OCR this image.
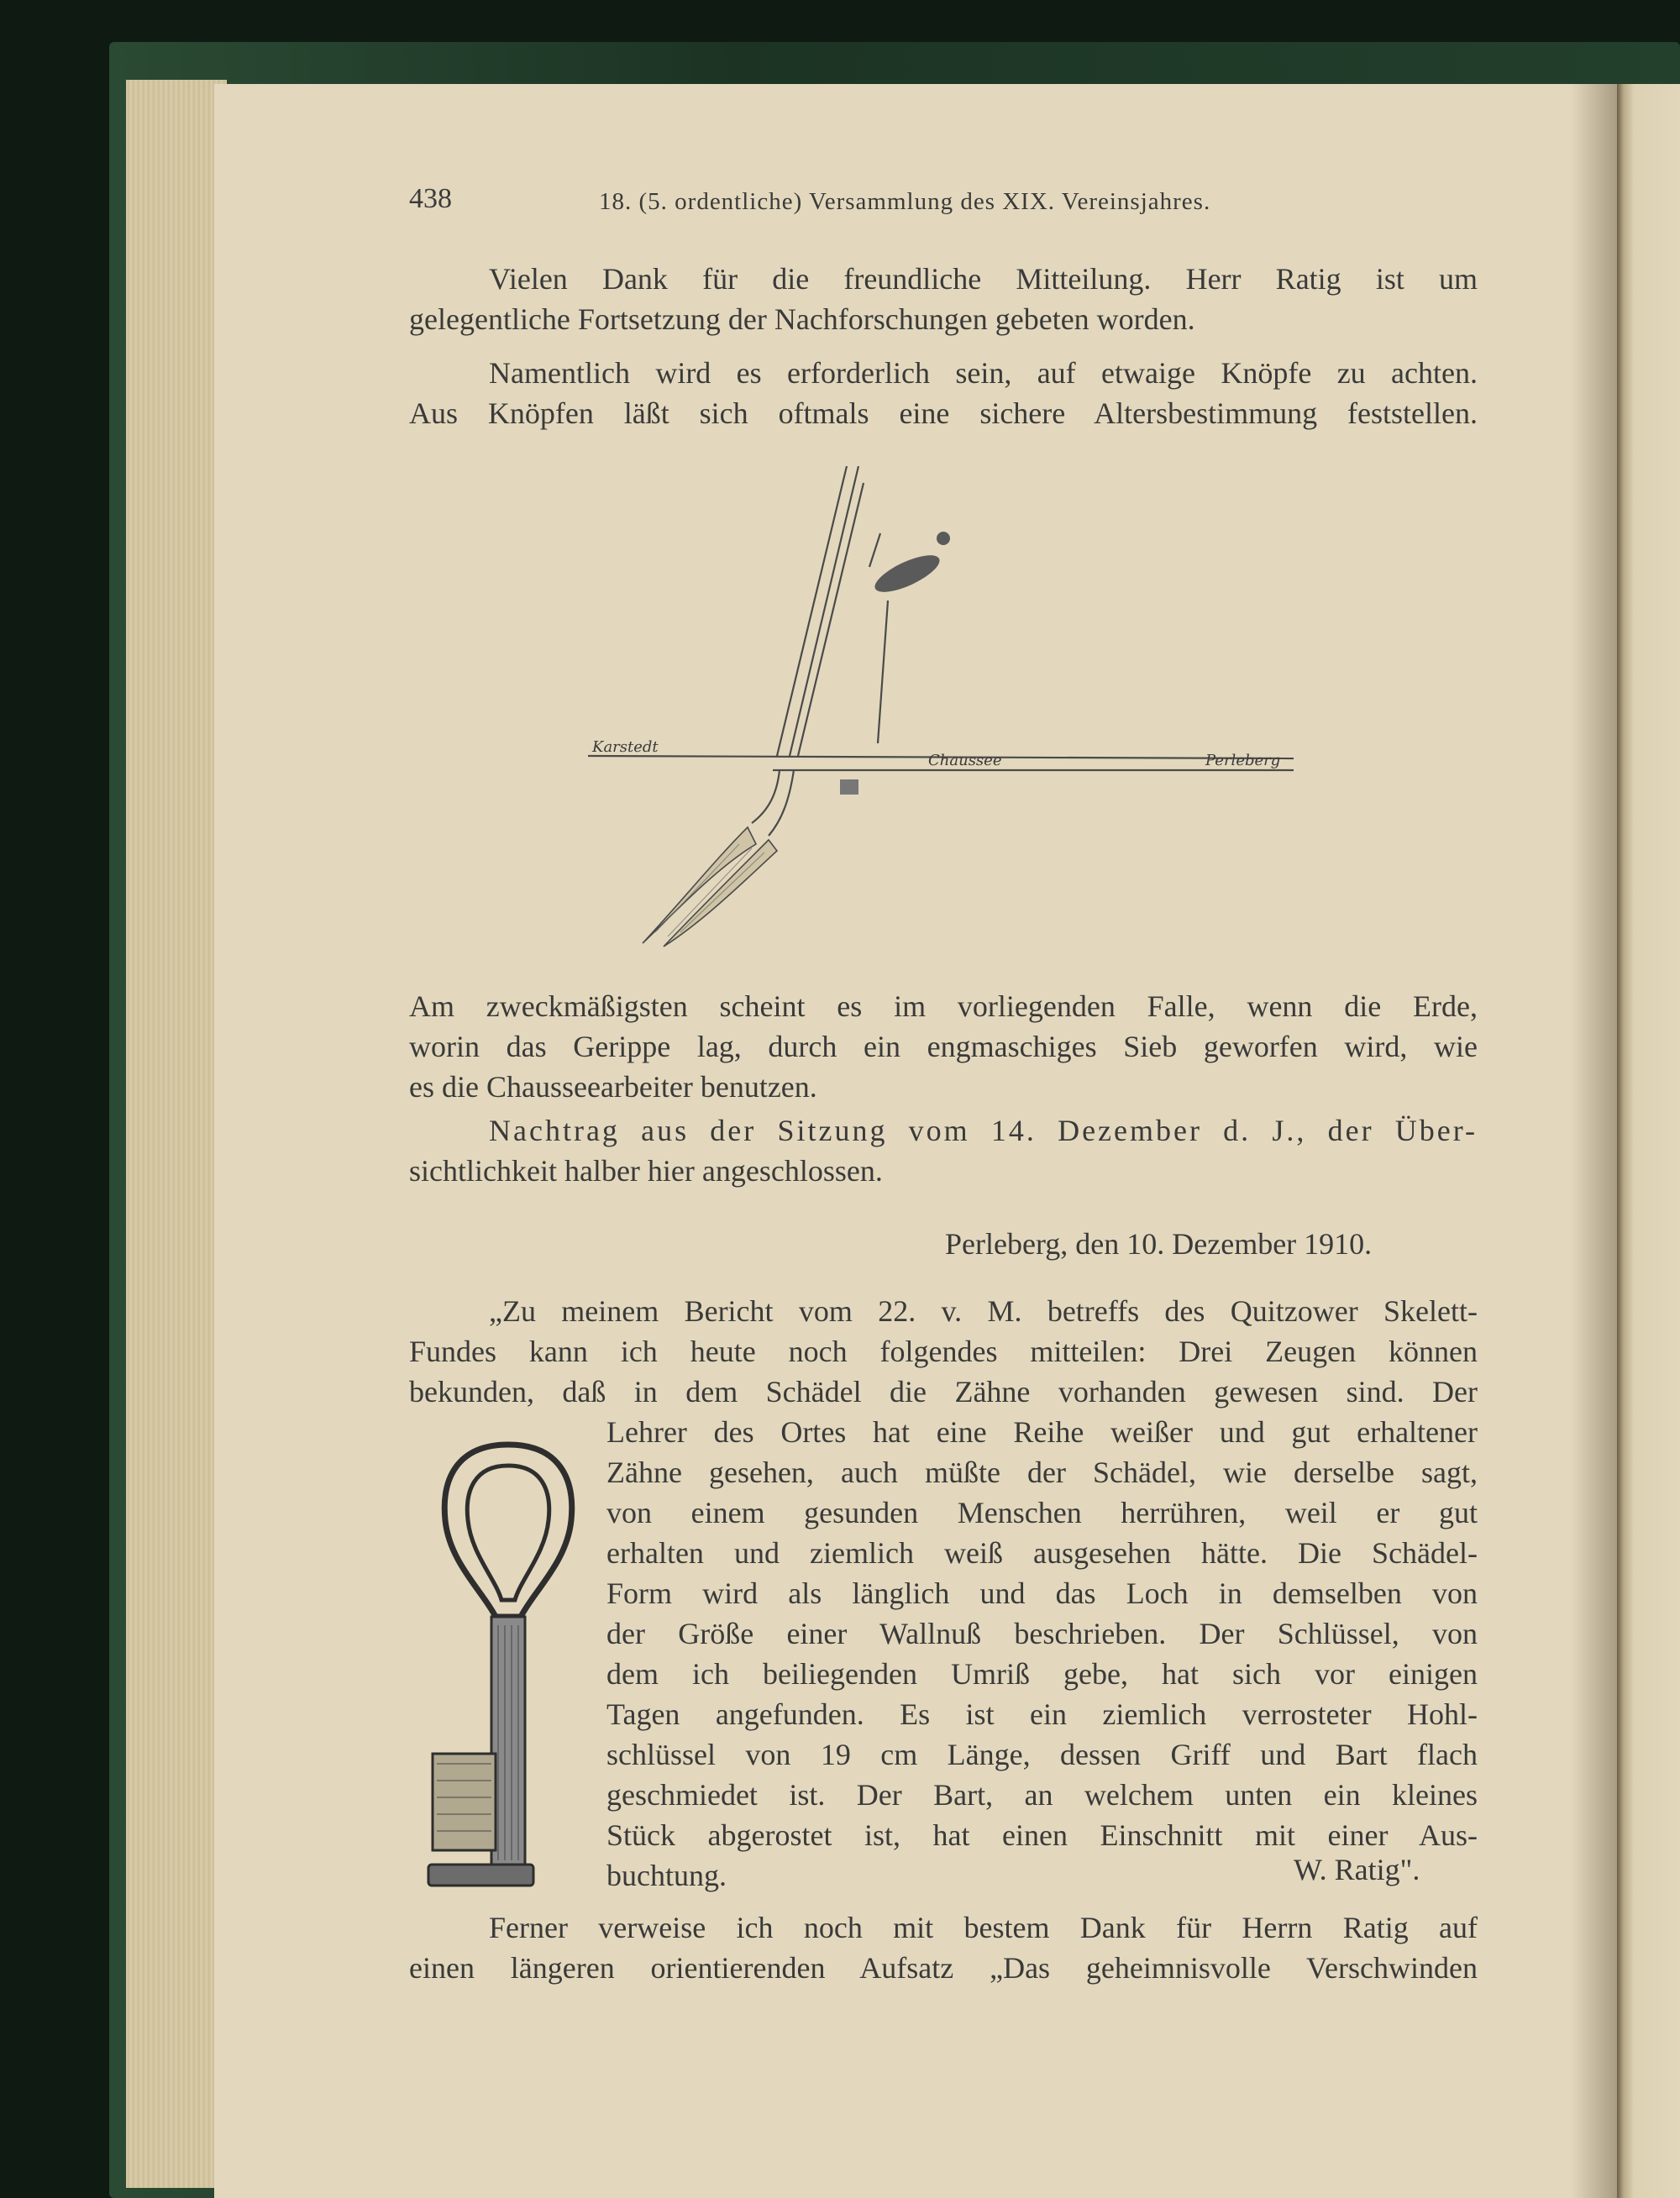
438	18. (5. ordentliche) Versammlung des XIX. Vereinsjahres.
Vielen Dank für die freundliche Mitteilung. Herr Ratig ist um
gelegentliche Fortsetzung der Nachforschungen gebeten worden.
Namentlich wird es erforderlich sein, auf etwaige Knöpfe zu achten.
Aus Knöpfen läßt sich oftmals eine sichere Altersbestimmung feststellen.
Karstedt
Chaussee	Perleberg
Am zweckmäßigsten scheint es im vorliegenden Falle, wenn die Erde,
worin das Gerippe lag, durch ein engmaschiges Sieb geworfen wird, wie
es die Chausseearbeiter benutzen.
Nachtrag aus der Sitzung vom 14. Dezember d. J., der Über-
sichtlichkeit halber hier angeschlossen.
Perleberg, den 10. Dezember 1910.
„Zu meinem Bericht vom 22. v. M. betreffs des Quitzower Skelett-
Fundes kann ich heute noch folgendes mitteilen: Drei Zeugen können
bekunden, daß in dem Schädel die Zähne vorhanden gewesen sind. Der
Lehrer des Ortes hat eine Reihe weißer und gut erhaltener
Zähne gesehen, auch müßte der Schädel, wie derselbe sagt,
von einem gesunden Menschen herrühren, weil er gut
erhalten und ziemlich weiß ausgesehen hätte. Die Schädel-
Form wird als länglich und das Loch in demselben von
der Größe einer Wallnuß beschrieben. Der Schlüssel, von
dem ich beiliegenden Umriß gebe, hat sich vor einigen
Tagen angefunden. Es ist ein ziemlich verrosteter Hohl-
schlüssel von 19 cm Länge, dessen Griff und Bart flach
geschmiedet ist. Der Bart, an welchem unten ein kleines
Stück abgerostet ist, hat einen Einschnitt mit einer Aus-
buchtung.	W. Ratig".
Ferner verweise ich noch mit bestem Dank für Herrn Ratig auf
einen längeren orientierenden Aufsatz „Das geheimnisvolle Verschwinden
